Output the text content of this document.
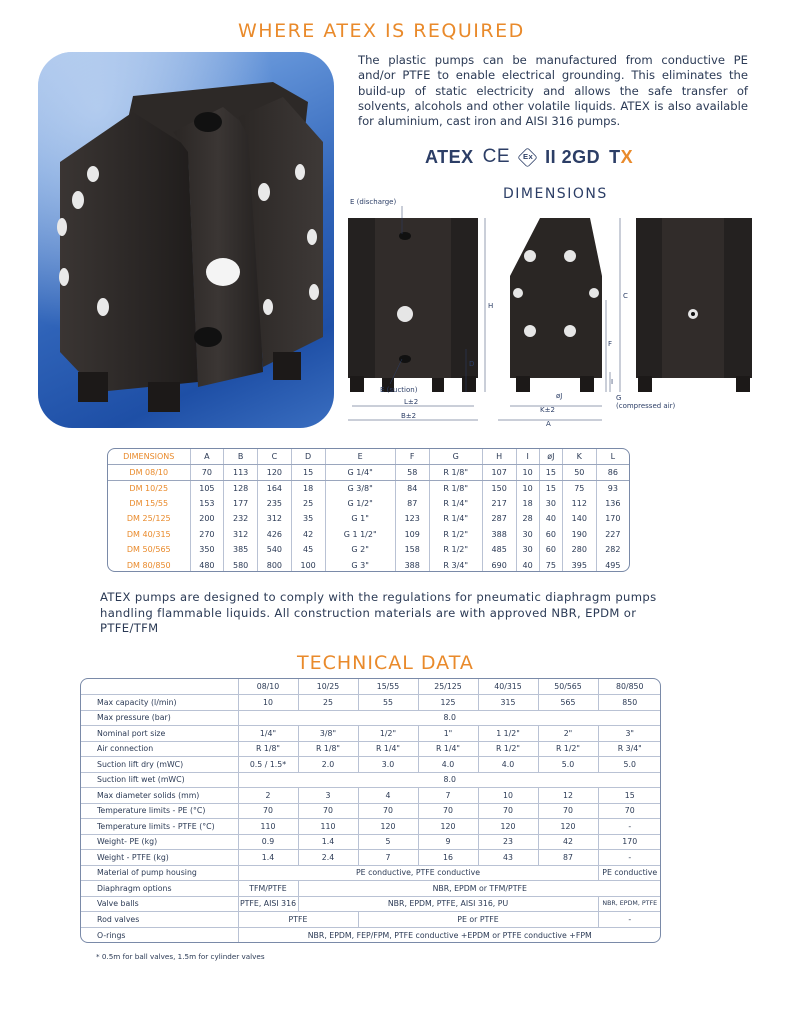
WHERE ATEX IS REQUIRED
The plastic pumps can be manufactured from conductive PE and/or PTFE to enable electrical grounding. This eliminates the build-up of static electricity and allows the safe transfer of solvents, alcohols and other volatile liquids. ATEX is also available for aluminium, cast iron and AISI 316 pumps.
ATEX CE Ex II 2GD TX
DIMENSIONS
E (discharge)
H
D
E (suction)
L±2
B±2
øJ
K±2
A
C
F
I
G
(compressed air)
DIMENSIONS	A	B	C	D	E	F	G	H	I	øJ	K	L
DM 08/10	70	113	120	15	G 1/4"	58	R 1/8"	107	10	15	50	86
DM 10/25	105	128	164	18	G 3/8"	84	R 1/8"	150	10	15	75	93
DM 15/55	153	177	235	25	G 1/2"	87	R 1/4"	217	18	30	112	136
DM 25/125	200	232	312	35	G 1"	123	R 1/4"	287	28	40	140	170
DM 40/315	270	312	426	42	G 1 1/2"	109	R 1/2"	388	30	60	190	227
DM 50/565	350	385	540	45	G 2"	158	R 1/2"	485	30	60	280	282
DM 80/850	480	580	800	100	G 3"	388	R 3/4"	690	40	75	395	495
ATEX pumps are designed to comply with the regulations for pneumatic diaphragm pumps handling flammable liquids. All construction materials are with approved NBR, EPDM or PTFE/TFM
TECHNICAL DATA
	08/10	10/25	15/55	25/125	40/315	50/565	80/850
Max capacity (l/min)	10	25	55	125	315	565	850
Max pressure (bar)	8.0						
Nominal port size	1/4"	3/8"	1/2"	1"	1 1/2"	2"	3"
Air connection	R 1/8"	R 1/8"	R 1/4"	R 1/4"	R 1/2"	R 1/2"	R 3/4"
Suction lift dry (mWC)	0.5 / 1.5*	2.0	3.0	4.0	4.0	5.0	5.0
Suction lift wet (mWC)	8.0						
Max diameter solids (mm)	2	3	4	7	10	12	15
Temperature limits - PE (°C)	70	70	70	70	70	70	70
Temperature limits - PTFE (°C)	110	110	120	120	120	120	-
Weight- PE (kg)	0.9	1.4	5	9	23	42	170
Weight - PTFE (kg)	1.4	2.4	7	16	43	87	-
Material of pump housing	PE conductive, PTFE conductive						PE conductive
Diaphragm options	TFM/PTFE	NBR, EPDM or TFM/PTFE					
Valve balls	PTFE, AISI 316	NBR, EPDM, PTFE, AISI 316, PU					NBR, EPDM, PTFE
Rod valves	PTFE		PE or PTFE				-
O-rings	NBR, EPDM, FEP/FPM, PTFE conductive +EPDM or PTFE conductive +FPM						
* 0.5m for ball valves, 1.5m for cylinder valves
